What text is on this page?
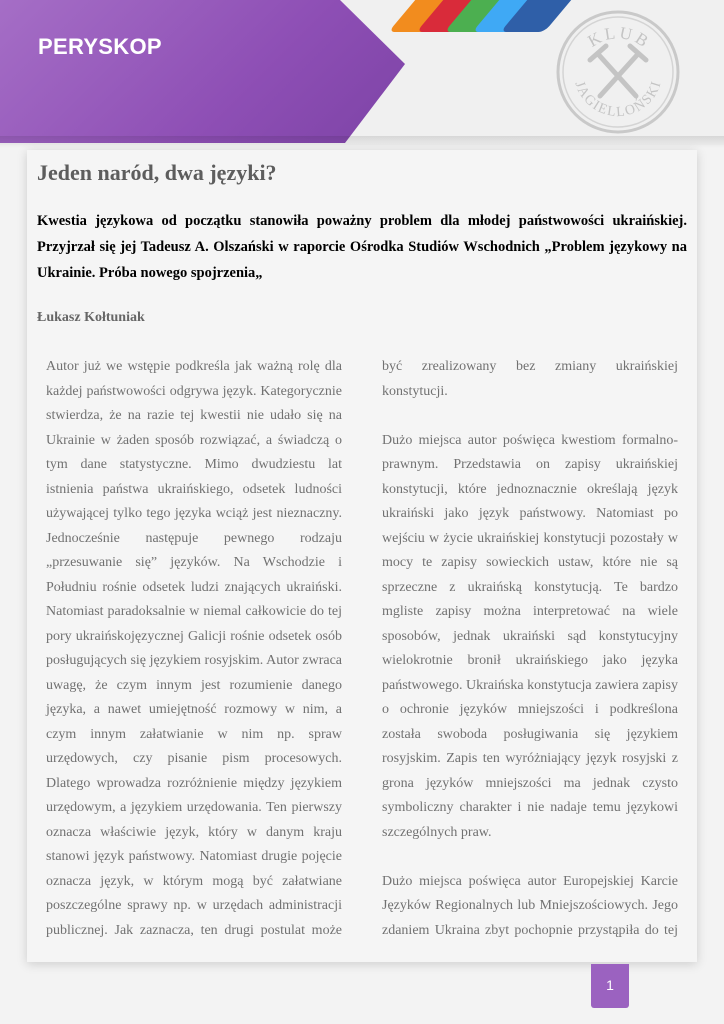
PERYSKOP	KLUB
JAGIELLOŃSKI
Jeden naród, dwa języki?
Kwestia językowa od początku stanowiła poważny problem dla młodej państwowości ukraińskiej. Przyjrzał się jej Tadeusz A. Olszański w raporcie Ośrodka Studiów Wschodnich „Problem językowy na Ukrainie. Próba nowego spojrzenia„
Łukasz Kołtuniak
Autor już we wstępie podkreśla jak ważną rolę dla
każdej państwowości odgrywa język. Kategorycznie
stwierdza, że na razie tej kwestii nie udało się na
Ukrainie w żaden sposób rozwiązać, a świadczą o
tym dane statystyczne. Mimo dwudziestu lat
istnienia państwa ukraińskiego, odsetek ludności
używającej tylko tego języka wciąż jest nieznaczny.
Jednocześnie następuje pewnego rodzaju
„przesuwanie się” języków. Na Wschodzie i
Południu rośnie odsetek ludzi znających ukraiński.
Natomiast paradoksalnie w niemal całkowicie do tej
pory ukraińskojęzycznej Galicji rośnie odsetek osób
posługujących się językiem rosyjskim. Autor zwraca
uwagę, że czym innym jest rozumienie danego
języka, a nawet umiejętność rozmowy w nim, a
czym innym załatwianie w nim np. spraw
urzędowych, czy pisanie pism procesowych.
Dlatego wprowadza rozróżnienie między językiem
urzędowym, a językiem urzędowania. Ten pierwszy
oznacza właściwie język, który w danym kraju
stanowi język państwowy. Natomiast drugie pojęcie
oznacza język, w którym mogą być załatwiane
poszczególne sprawy np. w urzędach administracji
publicznej. Jak zaznacza, ten drugi postulat może
być zrealizowany bez zmiany ukraińskiej
konstytucji.
Dużo miejsca autor poświęca kwestiom formalno-
prawnym. Przedstawia on zapisy ukraińskiej
konstytucji, które jednoznacznie określają język
ukraiński jako język państwowy. Natomiast po
wejściu w życie ukraińskiej konstytucji pozostały w
mocy te zapisy sowieckich ustaw, które nie są
sprzeczne z ukraińską konstytucją. Te bardzo
mgliste zapisy można interpretować na wiele
sposobów, jednak ukraiński sąd konstytucyjny
wielokrotnie bronił ukraińskiego jako języka
państwowego. Ukraińska konstytucja zawiera zapisy
o ochronie języków mniejszości i podkreślona
została swoboda posługiwania się językiem
rosyjskim. Zapis ten wyróżniający język rosyjski z
grona języków mniejszości ma jednak czysto
symboliczny charakter i nie nadaje temu językowi
szczególnych praw.
Dużo miejsca poświęca autor Europejskiej Karcie
Języków Regionalnych lub Mniejszościowych. Jego
zdaniem Ukraina zbyt pochopnie przystąpiła do tej
1
